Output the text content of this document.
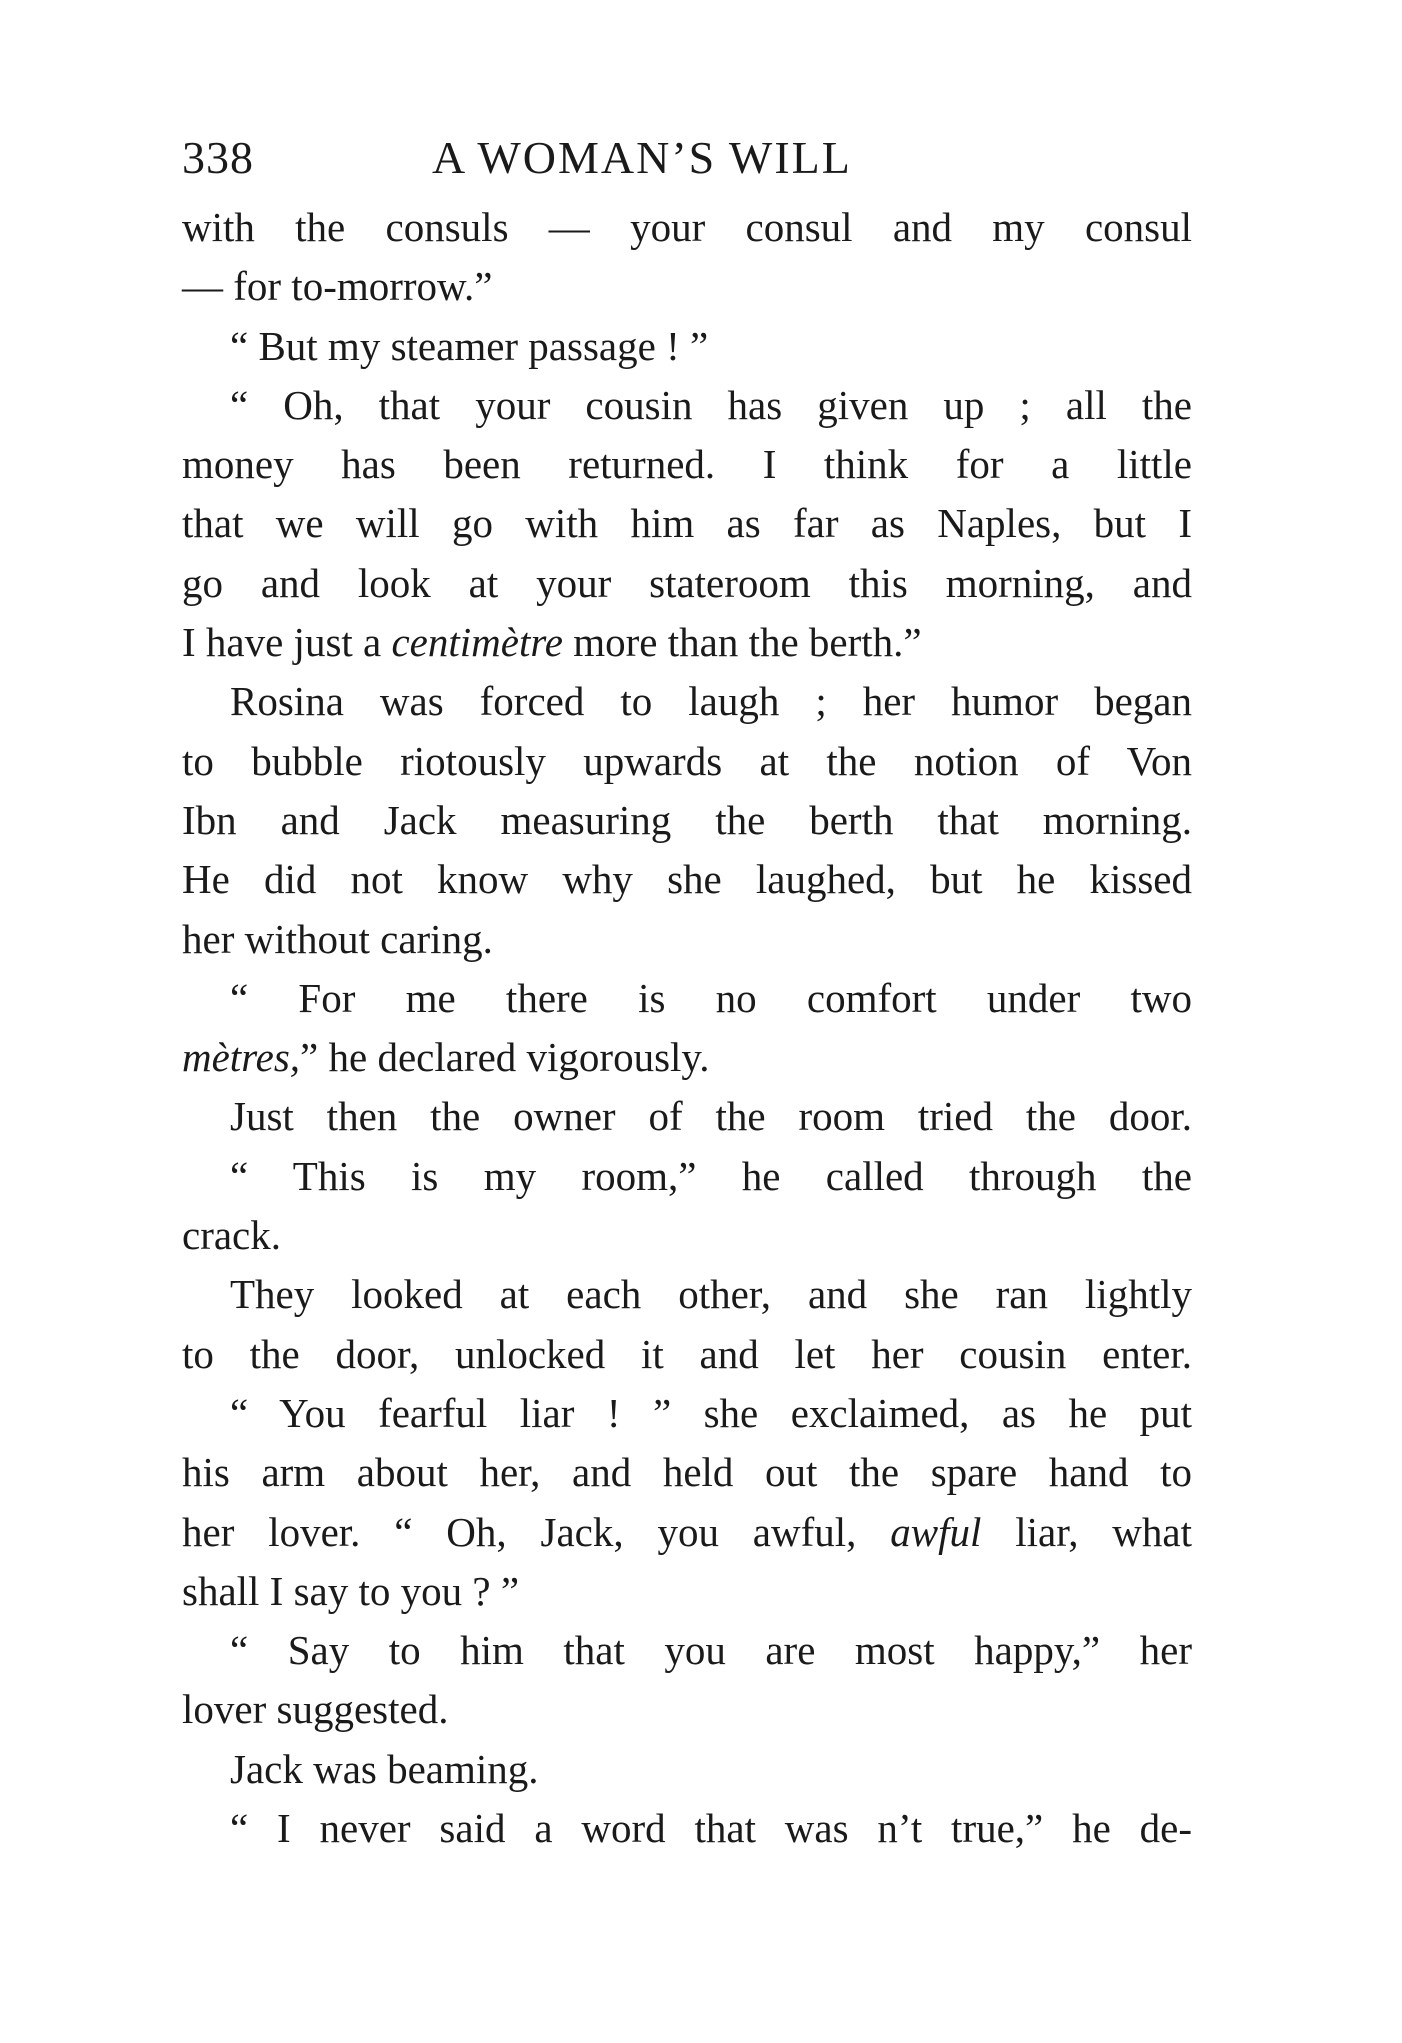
338	A WOMAN’S WILL
with the consuls — your consul and my consul
— for to-morrow.”
“ But my steamer passage ! ”
“ Oh, that your cousin has given up ; all the
money has been returned. I think for a little
that we will go with him as far as Naples, but I
go and look at your stateroom this morning, and
I have just a centimètre more than the berth.”
Rosina was forced to laugh ; her humor began
to bubble riotously upwards at the notion of Von
Ibn and Jack measuring the berth that morning.
He did not know why she laughed, but he kissed
her without caring.
“ For me there is no comfort under two
mètres,” he declared vigorously.
Just then the owner of the room tried the door.
“ This is my room,” he called through the
crack.
They looked at each other, and she ran lightly
to the door, unlocked it and let her cousin enter.
“ You fearful liar ! ” she exclaimed, as he put
his arm about her, and held out the spare hand to
her lover. “ Oh, Jack, you awful, awful liar, what
shall I say to you ? ”
“ Say to him that you are most happy,” her
lover suggested.
Jack was beaming.
“ I never said a word that was n’t true,” he de-
